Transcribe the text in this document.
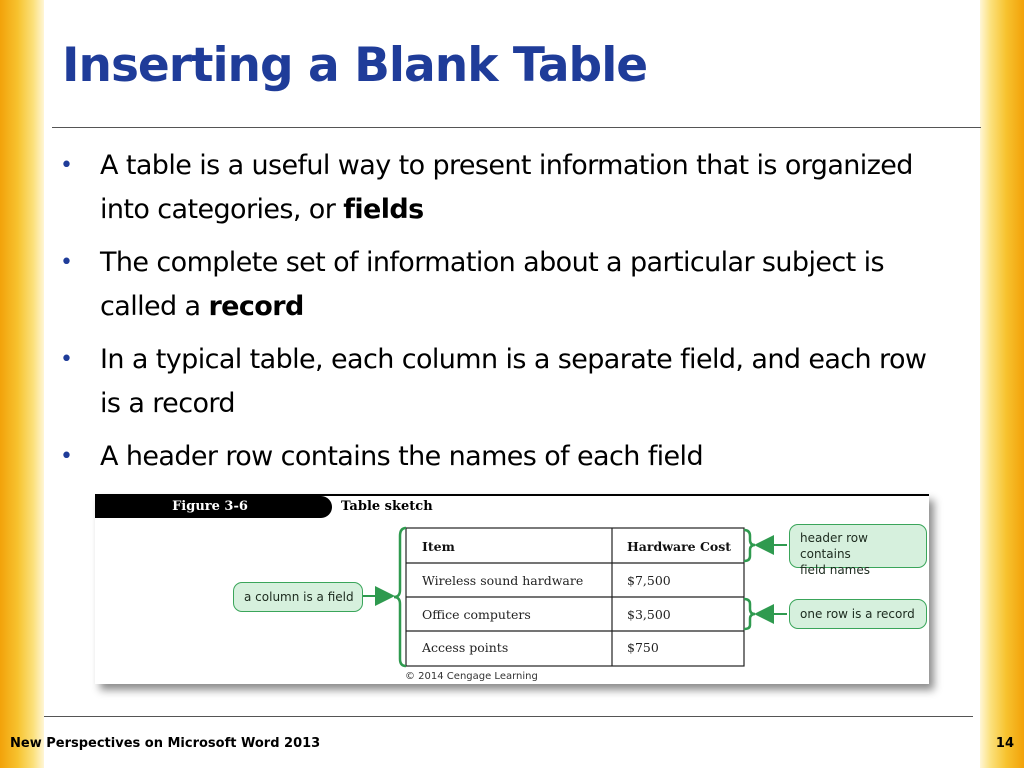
Inserting a Blank Table
• A table is a useful way to present information that is organized into categories, or fields
• The complete set of information about a particular subject is called a record
• In a typical table, each column is a separate field, and each row is a record
• A header row contains the names of each field
Figure 3-6	Table sketch
Item	Hardware Cost
Wireless sound hardware	$7,500
Office computers	$3,500
Access points	$750
a column is a field
header row contains
field names
one row is a record
© 2014 Cengage Learning
New Perspectives on Microsoft Word 2013	14
